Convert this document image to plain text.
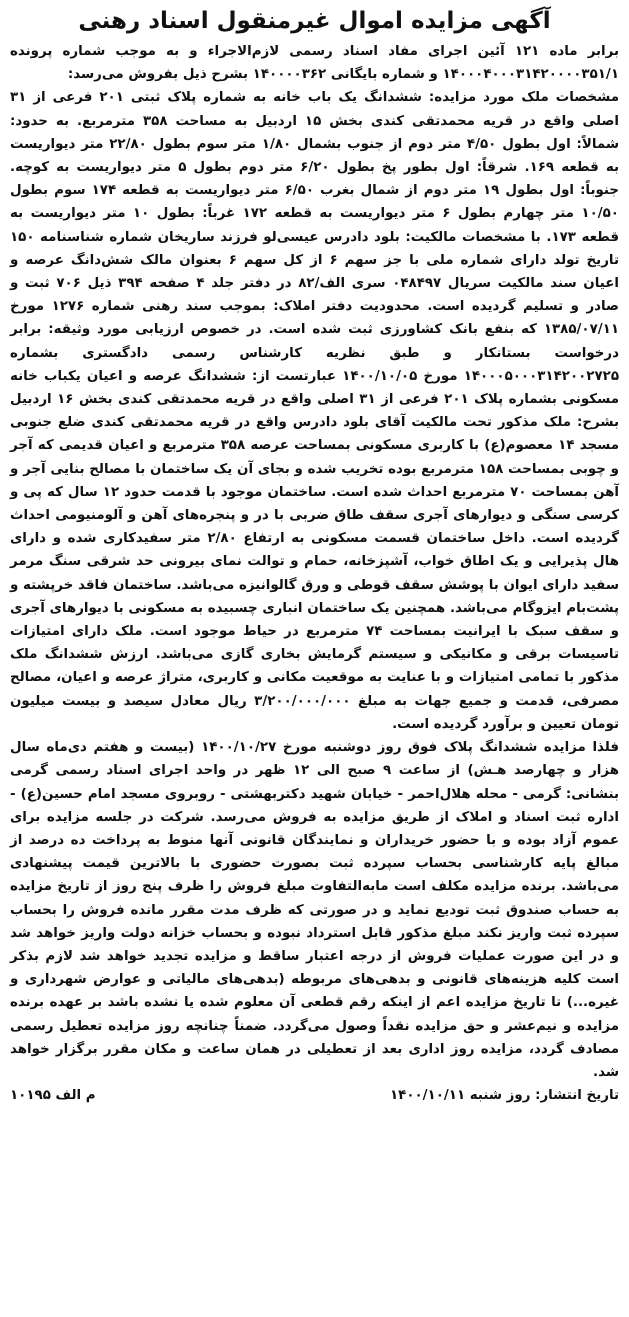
آگهی مزایده اموال غیرمنقول اسناد رهنی

برابر ماده ۱۲۱ آئین اجرای مفاد اسناد رسمی لازم‌الاجراء و به موجب شماره پرونده ۱۴۰۰۰۴۰۰۰۳۱۴۲۰۰۰۰۳۵۱/۱ و شماره بایگانی ۱۴۰۰۰۰۳۶۲ بشرح ذیل بفروش می‌رسد:

مشخصات ملک مورد مزایده: ششدانگ یک باب خانه به شماره پلاک ثبتی ۲۰۱ فرعی از ۳۱ اصلی واقع در قریه محمدتقی کندی بخش ۱۵ اردبیل به مساحت ۳۵۸ مترمربع. به حدود: شمالاً: اول بطول ۴/۵۰ متر دوم از جنوب بشمال ۱/۸۰ متر سوم بطول ۲۲/۸۰ متر دیواریست به قطعه ۱۶۹. شرقاً: اول بطور پخ بطول ۶/۲۰ متر دوم بطول ۵ متر دیواریست به کوچه. جنوباً: اول بطول ۱۹ متر دوم از شمال بغرب ۶/۵۰ متر دیواریست به قطعه ۱۷۴ سوم بطول ۱۰/۵۰ متر چهارم بطول ۶ متر دیواریست به قطعه ۱۷۲ غرباً: بطول ۱۰ متر دیواریست به قطعه ۱۷۳. با مشخصات مالکیت: بلود دادرس عیسی‌لو فرزند ساریخان شماره شناسنامه ۱۵۰ تاریخ تولد دارای شماره ملی با جز سهم ۶ از کل سهم ۶ بعنوان مالک شش‌دانگ عرصه و اعیان سند مالکیت سریال ۰۴۸۴۹۷ سری الف/۸۲ در دفتر جلد ۴ صفحه ۳۹۴ ذیل ۷۰۶ ثبت و صادر و تسلیم گردیده است. محدودیت دفتر املاک: بموجب سند رهنی شماره ۱۲۷۶ مورخ ۱۳۸۵/۰۷/۱۱ که بنفع بانک کشاورزی ثبت شده است. در خصوص ارزیابی مورد وثیقه: برابر درخواست بستانکار و طبق نظریه کارشناس رسمی دادگستری بشماره ۱۴۰۰۰۵۰۰۰۳۱۴۲۰۰۲۷۲۵ مورخ ۱۴۰۰/۱۰/۰۵ عبارتست از: ششدانگ عرصه و اعیان یکباب خانه مسکونی بشماره پلاک ۲۰۱ فرعی از ۳۱ اصلی واقع در قریه محمدتقی کندی بخش ۱۶ اردبیل بشرح: ملک مذکور تحت مالکیت آقای بلود دادرس واقع در قریه محمدتقی کندی ضلع جنوبی مسجد ۱۴ معصوم(ع) با کاربری مسکونی بمساحت عرصه ۳۵۸ مترمربع و اعیان قدیمی که آجر و چوبی بمساحت ۱۵۸ مترمربع بوده تخریب شده و بجای آن یک ساختمان با مصالح بنایی آجر و آهن بمساحت ۷۰ مترمربع احداث شده است. ساختمان موجود با قدمت حدود ۱۲ سال که پی و کرسی سنگی و دیوارهای آجری سقف طاق ضربی با در و پنجره‌های آهن و آلومنیومی احداث گردیده است. داخل ساختمان قسمت مسکونی به ارتفاع ۲/۸۰ متر سفیدکاری شده و دارای هال پذیرایی و یک اطاق خواب، آشپزخانه، حمام و توالت نمای بیرونی حد شرقی سنگ مرمر سفید دارای ایوان با پوشش سقف قوطی و ورق گالوانیزه می‌باشد. ساختمان فاقد خرپشته و پشت‌بام ایزوگام می‌باشد. همچنین یک ساختمان انباری چسبیده به مسکونی با دیوارهای آجری و سقف سبک با ایرانیت بمساحت ۷۴ مترمربع در حیاط موجود است. ملک دارای امتیازات تاسیسات برقی و مکانیکی و سیستم گرمایش بخاری گازی می‌باشد. ارزش ششدانگ ملک مذکور با تمامی امتیازات و با عنایت به موقعیت مکانی و کاربری، متراژ عرصه و اعیان، مصالح مصرفی، قدمت و جمیع جهات به مبلغ ۳/۲۰۰/۰۰۰/۰۰۰ ریال معادل سیصد و بیست میلیون تومان تعیین و برآورد گردیده است.

فلذا مزایده ششدانگ پلاک فوق روز دوشنبه مورخ ۱۴۰۰/۱۰/۲۷ (بیست و هفتم دی‌ماه سال هزار و چهارصد هـش) از ساعت ۹ صبح الی ۱۲ ظهر در واحد اجرای اسناد رسمی گرمی بنشانی: گرمی - محله هلال‌احمر - خیابان شهید دکتربهشتی - روبروی مسجد امام حسین(ع) - اداره ثبت اسناد و املاک از طریق مزایده به فروش می‌رسد. شرکت در جلسه مزایده برای عموم آزاد بوده و با حضور خریداران و نمایندگان قانونی آنها منوط به پرداخت ده درصد از مبالغ پایه کارشناسی بحساب سپرده ثبت بصورت حضوری با بالاترین قیمت پیشنهادی می‌باشد. برنده مزایده مکلف است مابه‌التفاوت مبلغ فروش را ظرف پنج روز از تاریخ مزایده به حساب صندوق ثبت تودیع نماید و در صورتی که ظرف مدت مقرر مانده فروش را بحساب سپرده ثبت واریز نکند مبلغ مذکور قابل استرداد نبوده و بحساب خزانه دولت واریز خواهد شد و در این صورت عملیات فروش از درجه اعتبار ساقط و مزایده تجدید خواهد شد لازم بذکر است کلیه هزینه‌های قانونی و بدهی‌های مربوطه (بدهی‌های مالیاتی و عوارض شهرداری و غیره...) تا تاریخ مزایده اعم از اینکه رقم قطعی آن معلوم شده یا نشده باشد بر عهده برنده مزایده و نیم‌عشر و حق مزایده نقداً وصول می‌گردد. ضمناً چنانچه روز مزایده تعطیل رسمی مصادف گردد، مزایده روز اداری بعد از تعطیلی در همان ساعت و مکان مقرر برگزار خواهد شد.

تاریخ انتشار: روز شنبه ۱۴۰۰/۱۰/۱۱
م الف ۱۰۱۹۵
